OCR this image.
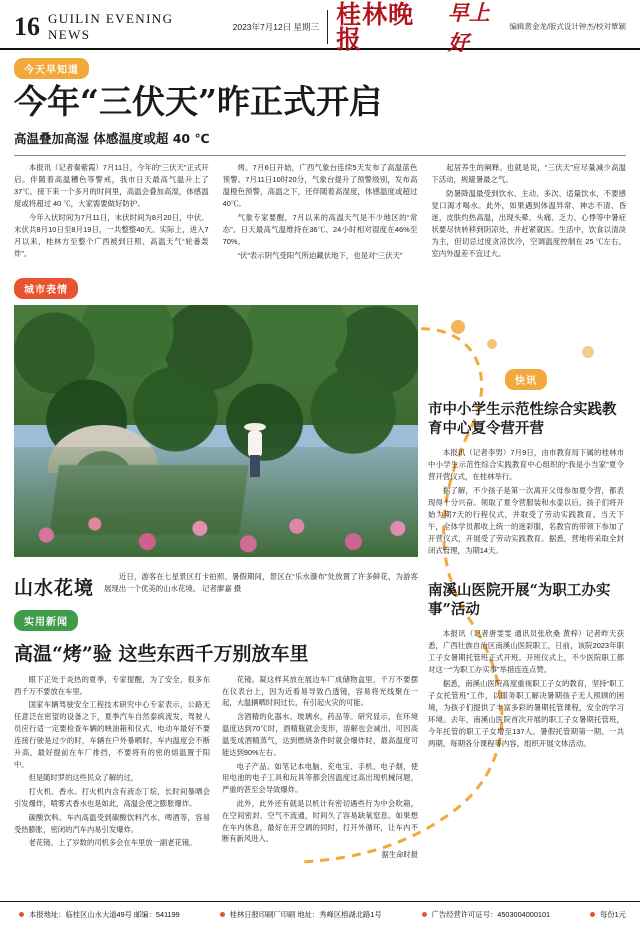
16 GUILIN EVENING NEWS	2023年7月12日 星期三 桂林晚报
早上好
编辑黄金龙/版式设计钟杰/校对覃颖
今天早知道
今年“三伏天”昨正式开启
高温叠加高湿 体感温度或超 40 ℃

本报讯（记者秦紫霞）7月11日，今年的“三伏天”正式开启。伴随着高温糟色等警戒，我市日天最高气温升上了37℃。接下来一个多月的时间里，高温会叠加高湿，体感温度或将超过 40 ℃，大家需要做好防护。

今年入伏时间为7月11日，末伏时间为8月20日，中伏、末伏共8月10日至8月19日，一共整整40天。实际上，进入7月以来，桂林方至整个广西被到日照、高温天气“轮番轰炸”。

烤。7月6日开始，广西气象台连续5天发布了高温蓝色预警。7月11日10时20分，气象台提升了预警级别，发布高温橙色预警，高温之下，还伴随着高湿度，体感温度或超过40℃。

气象专家要醒，7月以来的高温天气是不少地区的“常态”。日天最高气温维持在36℃、24小时相对湿度在46%至70%。

“伏”表示阴气受阳气所迫藏伏地下，也是对“三伏天”

起居养生的阐释。也就是说，“三伏天”应尽量减少高温下活动，规避暑最之气。

防暑降温最受到饮水、主动、多次、适量饮水，不要感觉口渴才喝水。此外，如果遇到体温异常、神志不清、昏迷、皮肤灼热高温，出现头晕、头痛、乏力、心悸等中暑症状要尽快转移到阴凉处，并赶紧就医。生活中，饮食以清淡为主，但切忌过度贪凉饮冷，空调温度控制在 25 ℃左右，室内外温差不宜过大。

城市表情
山水花境
近日，游客在七星景区打卡拍照、暑假期间，景区在“乐水瀑布”处放置了许多鲜花，为游客展现出一个优美的山水花境。 记者廖嘉 摄
实用新闻
高温“烤”验 这些东西千万别放车里

眼下正处于炎热的夏季，专家提醒，为了安全，很多东西千万不要放在车里。

国家车辆驾驶安全工程技术研究中心专家表示，公路无任意泛在密望的设备之下，夏季汽车自然泰疯流发，驾驶人员应行适一定要检查车辆的映油箱和仪式、电动车最好不要连接行驶是过少的时，车辆在户外暴晒时，车内温度会不断升高，最好提前在车厂排挡，不要将有的密的熔温置于阳中。

但是随时罗的这些民众了解的过，

打火机、香水。打火机内含有液态丁烷，长时间暴晒会引发爆炸，喷雾式香水也是如此，高温会使之膨胀爆炸。

碳酸饮料。车内高温受到碳酸饮料汽水、啤酒等，容易受热膨胀，密闭的汽车内易引发爆炸。

老花镜。上了岁数的司机多会在车里放一副老花镜。

花镜。凝这样其放在展边车厂成储物盒里，千万不要摆在仪表台上，因为近看易导致凸透镜，容易将光线聚在一起，大温辆晒时间过长，有引起火灾的可能。

含酒精的化器水、玻璃水，药品等。研究显示，在环境温度达到70℃时，酒精瓶就会变形，溶解也会减出，可因高温变成酒精蒸气，达到燃烧条件时就会爆炸时，最高温度可能达到90%左右。

电子产品。如笔记本电脑、充电宝、手机、电子烟，使用电池的电子工具和玩具等都会因温度过高出现机械问题，严重的甚至会导致爆炸。

此外，此外还有就是以机计有密切遇些行为中会吹箱，在空间密封、空气不流通，时间久了容易缺氧窒息。如果想在车内休息，最好在开空调的同时，打开外循环，让车内不断有新风进入。

据生命时报
快讯
市中小学生示范性综合实践教育中心夏令营开营

本报讯（记者李男）7月9日，由市教育局下属的桂林市中小学生示范性综合实践教育中心组织的“我是小当家”夏令营开营仪式，在桂林举行。

据了解，不少孩子是第一次离开父母参加夏令营，都表现得十分兴奋。领取了夏令营服装和水壶以后，孩子们将开始为期7天的行程仪式，并取受了劳动实践教育。当天下午，全体学员都收上统一的迷彩服，名教官的带领下参加了开营仪式，开展受了劳动实践教育。据悉，营地将采取全封闭式管理，为期14天。

南溪山医院开展“为职工办实事”活动

本报讯（记者唐雯雯 通讯员张欣桑 黄梓）记者昨天获悉，广西壮族自治区南溪山医院职工，日前，该院2023年职工子女暑期托管班正式开班。开班仪式上，不少医院职工都对这一“为职工办实事”举措连连点赞。

据悉，南溪山医院高度重视职工子女的教育，坚持“职工子女托管班”工作，以服务职工解决暑期孩子无人照顾的困境，为孩子们提供了丰富多彩的暑期托管课程，安全的学习环境。去年，南溪山医院首次开展的职工子女暑期托管班，今年托管的职工子女增至137人。暑假托管期第一期、一共两期，每期各分课程等内容，组织开展文体活动。

本报地址：临桂区山水大道49号 邮编：541199	桂林日报印刷厂印刷 地址：秀峰区榕湖北路1号	广告经营许可证号：4503004000101	每份1元
